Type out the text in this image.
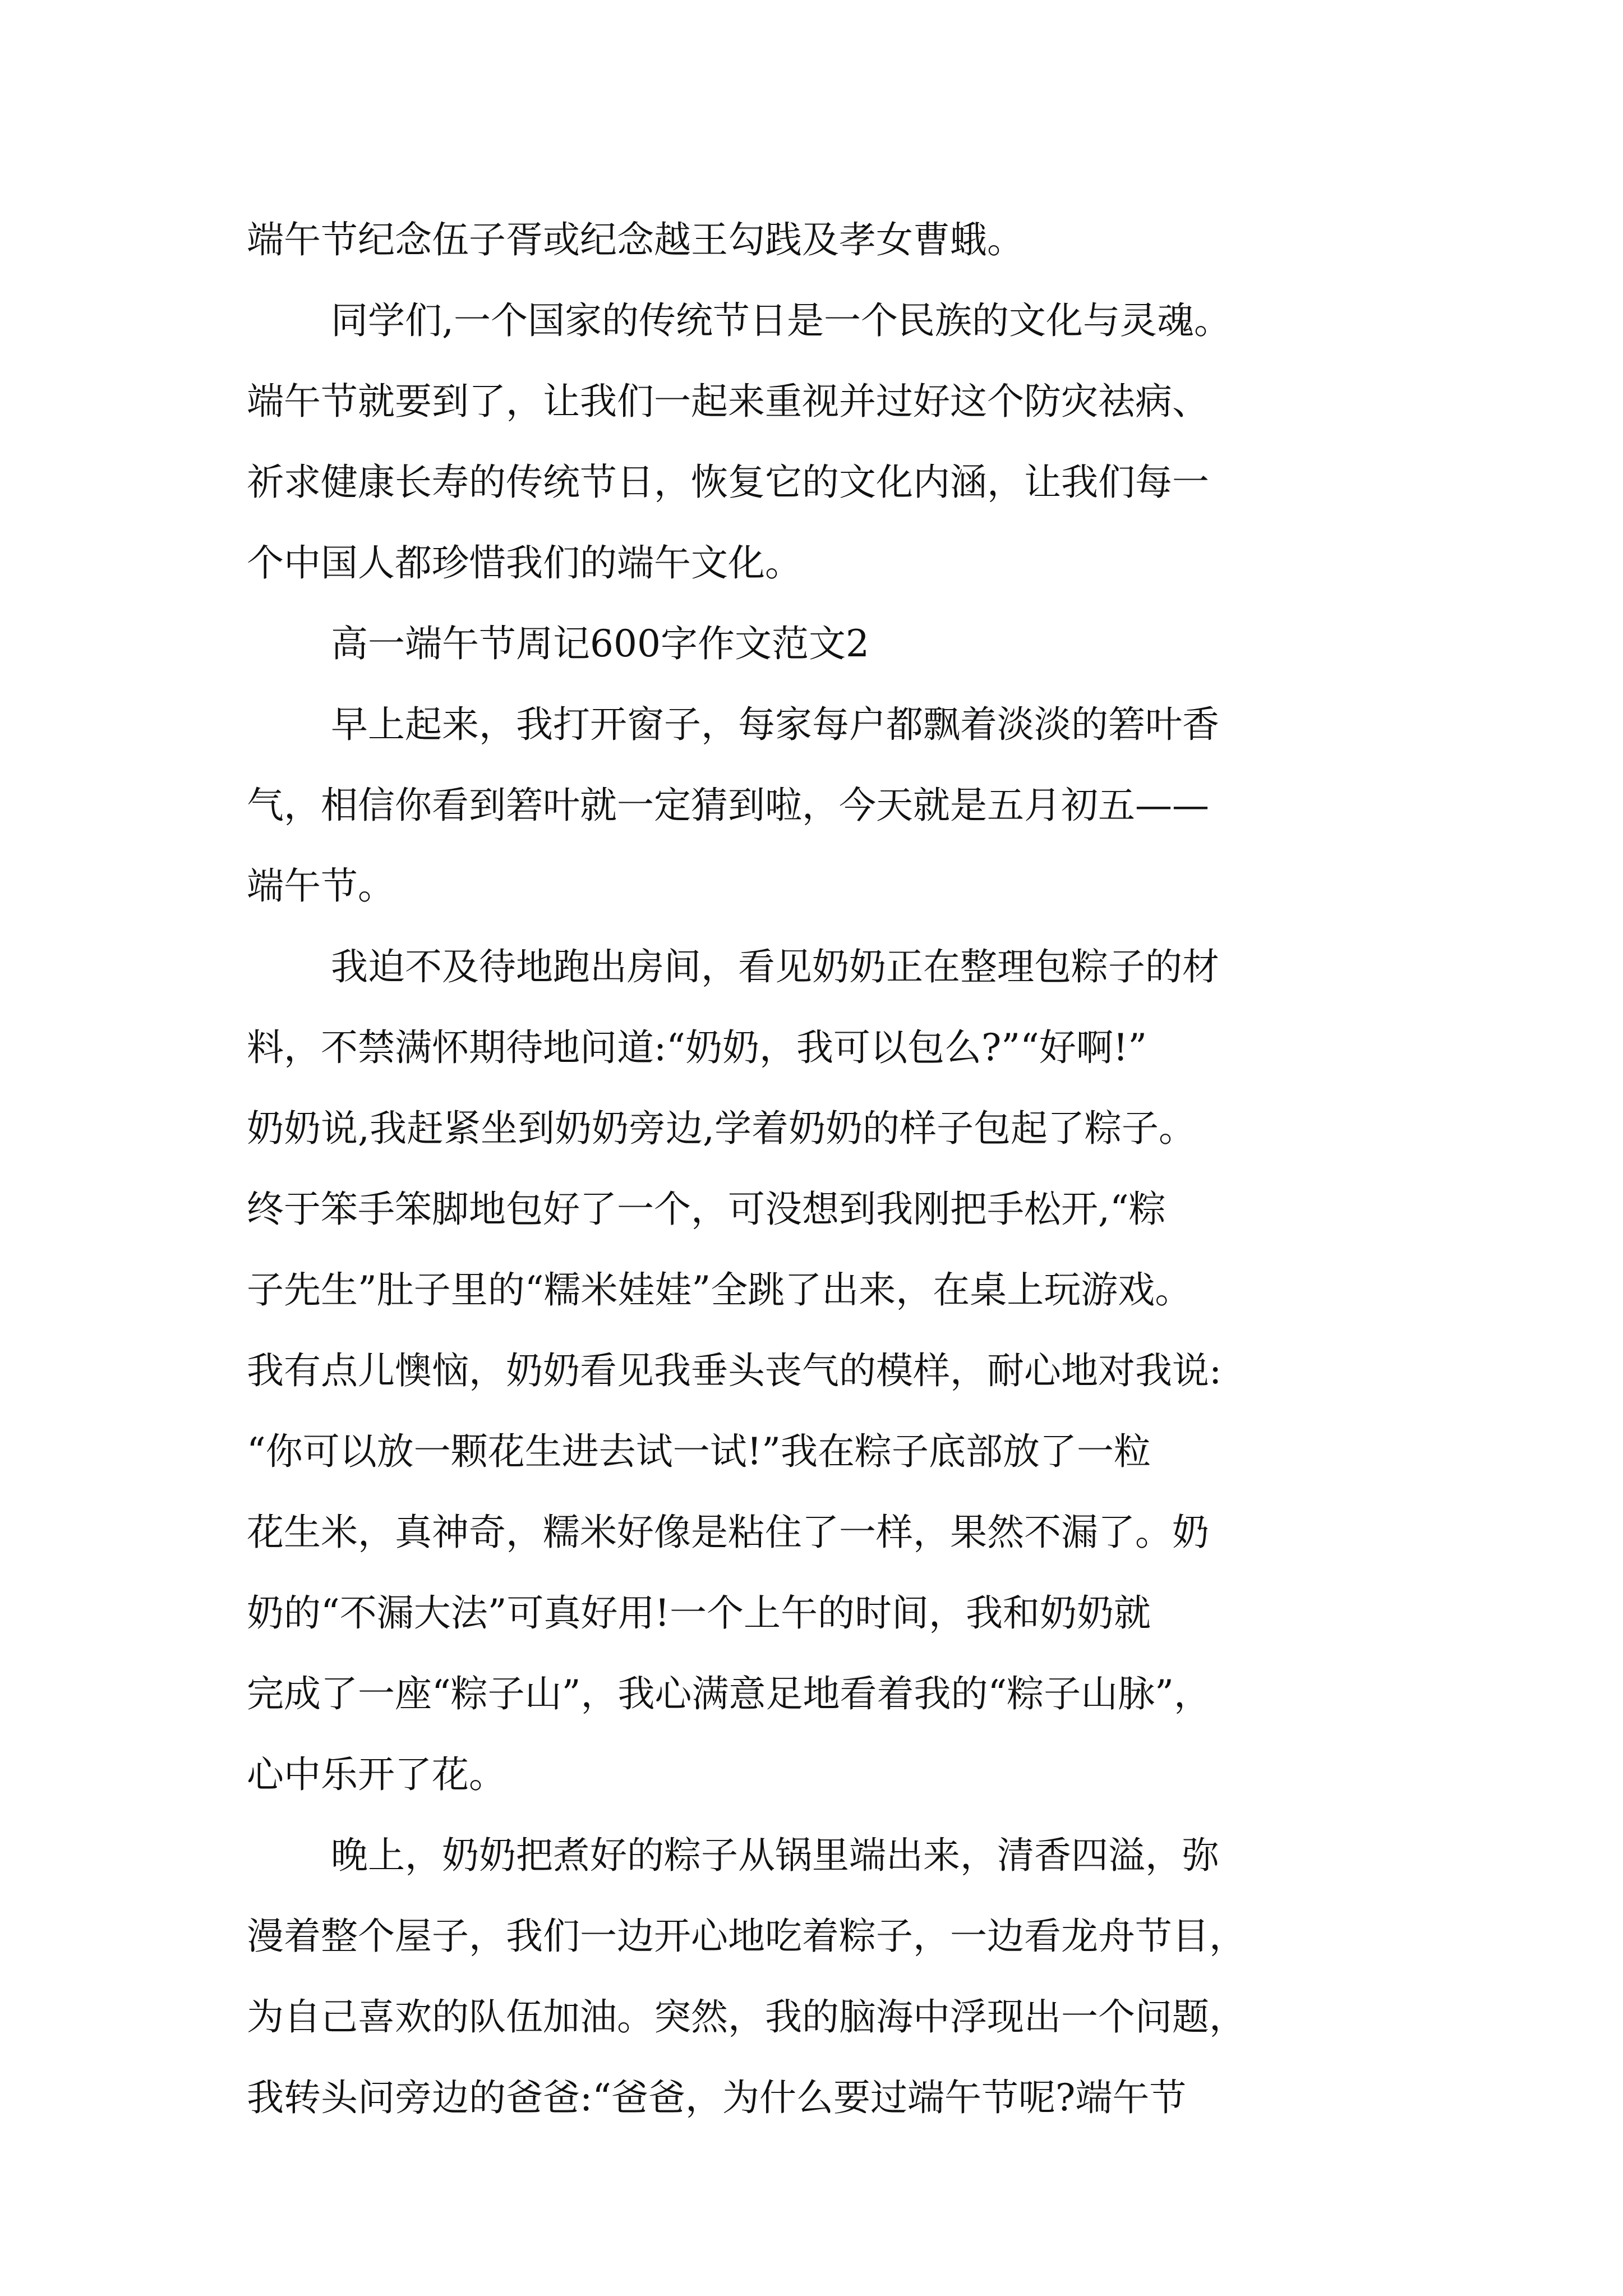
端午节纪念伍子胥或纪念越王勾践及孝女曹蛾。
同学们,一个国家的传统节日是一个民族的文化与灵魂。
端午节就要到了，让我们一起来重视并过好这个防灾祛病、
祈求健康长寿的传统节日，恢复它的文化内涵，让我们每一
个中国人都珍惜我们的端午文化。
高一端午节周记600字作文范文2
早上起来，我打开窗子，每家每户都飘着淡淡的箬叶香
气，相信你看到箬叶就一定猜到啦，今天就是五月初五——
端午节。
我迫不及待地跑出房间，看见奶奶正在整理包粽子的材
料，不禁满怀期待地问道:“奶奶，我可以包么?”“好啊!”
奶奶说,我赶紧坐到奶奶旁边,学着奶奶的样子包起了粽子。
终于笨手笨脚地包好了一个，可没想到我刚把手松开,“粽
子先生”肚子里的“糯米娃娃”全跳了出来，在桌上玩游戏。
我有点儿懊恼，奶奶看见我垂头丧气的模样，耐心地对我说:
“你可以放一颗花生进去试一试!”我在粽子底部放了一粒
花生米，真神奇，糯米好像是粘住了一样，果然不漏了。奶
奶的“不漏大法”可真好用!一个上午的时间，我和奶奶就
完成了一座“粽子山”，我心满意足地看着我的“粽子山脉”，
心中乐开了花。
晚上，奶奶把煮好的粽子从锅里端出来，清香四溢，弥
漫着整个屋子，我们一边开心地吃着粽子，一边看龙舟节目，
为自己喜欢的队伍加油。突然，我的脑海中浮现出一个问题，
我转头问旁边的爸爸:“爸爸，为什么要过端午节呢?端午节
